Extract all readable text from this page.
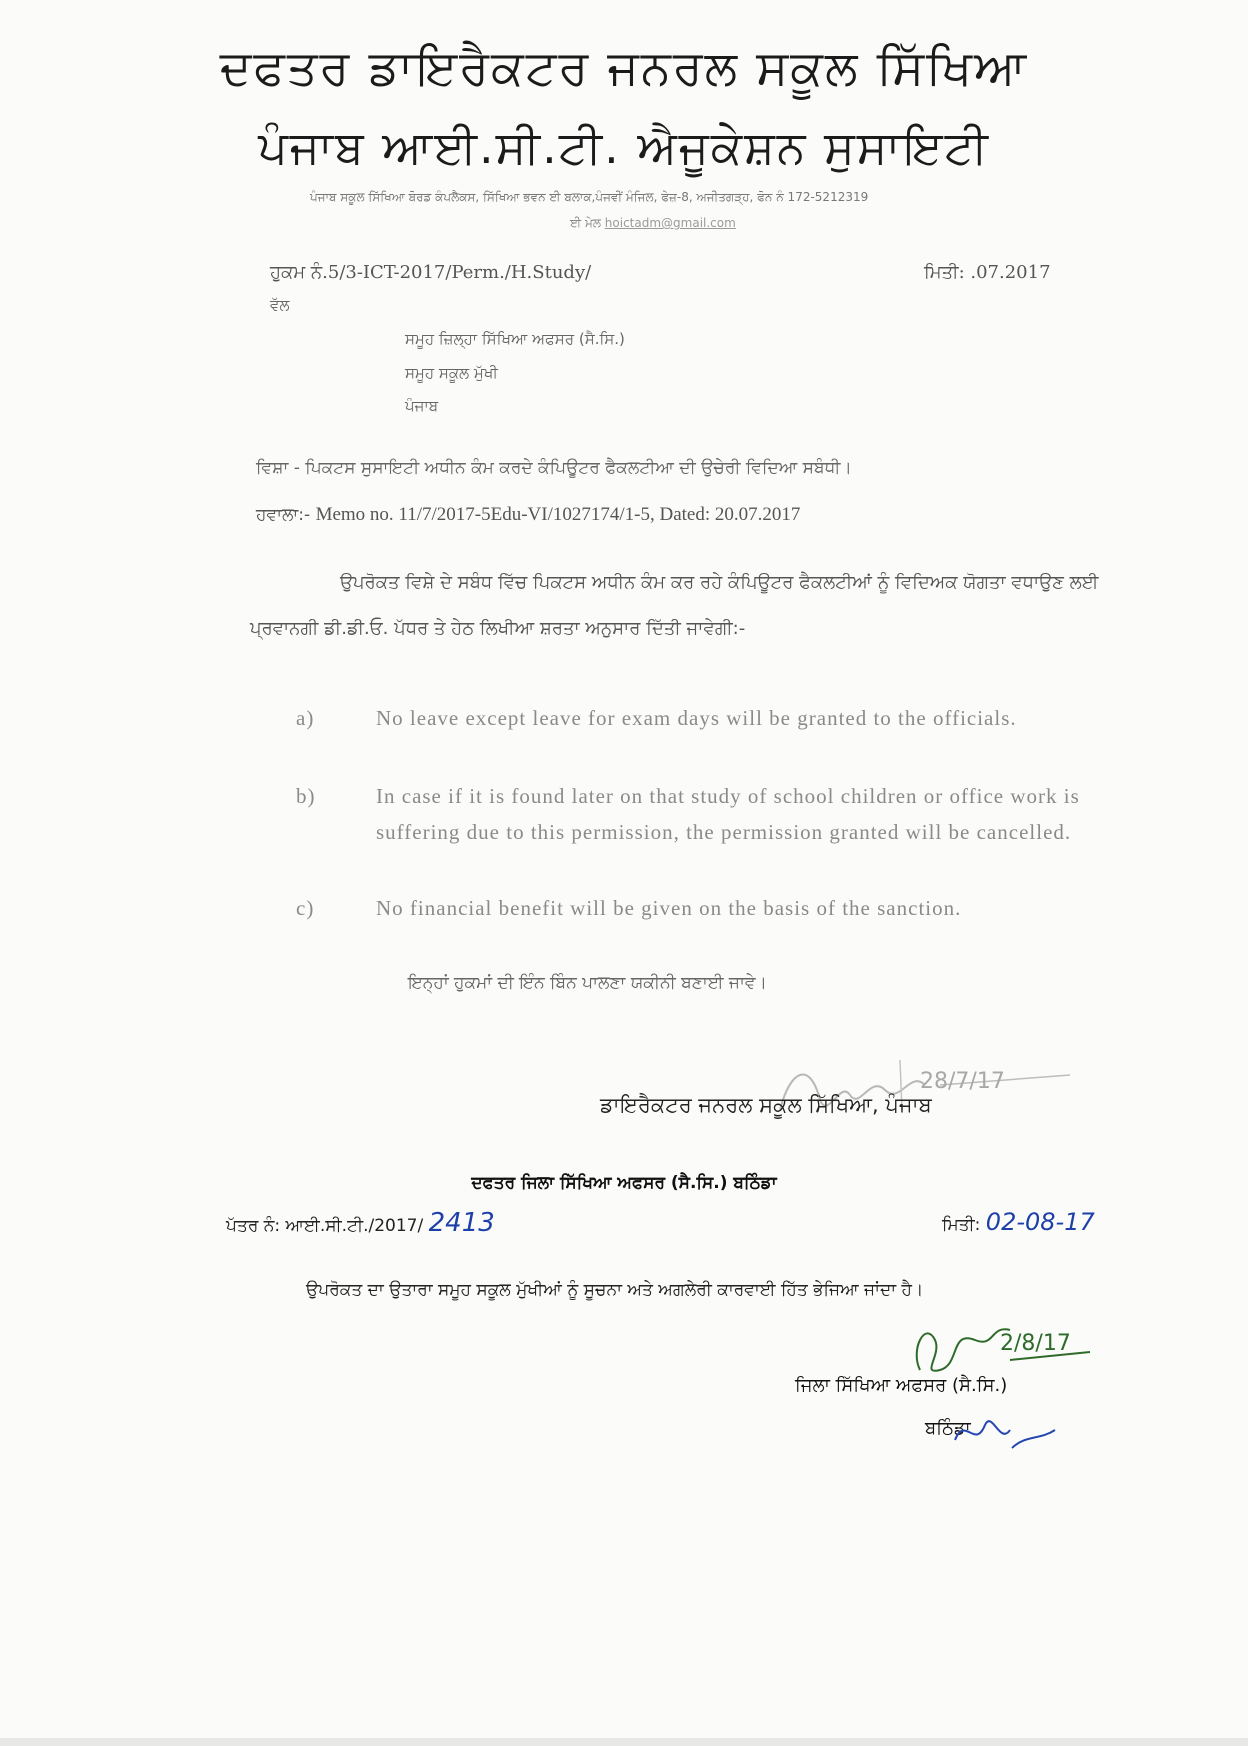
ਦਫਤਰ ਡਾਇਰੈਕਟਰ ਜਨਰਲ ਸਕੂਲ ਸਿੱਖਿਆ
ਪੰਜਾਬ ਆਈ.ਸੀ.ਟੀ. ਐਜੂਕੇਸ਼ਨ ਸੁਸਾਇਟੀ
ਪੰਜਾਬ ਸਕੂਲ ਸਿੱਖਿਆ ਬੋਰਡ ਕੰਪਲੈਕਸ, ਸਿੱਖਿਆ ਭਵਨ ਈ ਬਲਾਕ,ਪੰਜਵੀਂ ਮੰਜਿਲ, ਫੇਜ਼-8, ਅਜੀਤਗੜ੍ਹ, ਫੋਨ ਨੰ 172-5212319
ਈ ਮੇਲ hoictadm@gmail.com
ਹੁਕਮ ਨੰ.5/3-ICT-2017/Perm./H.Study/	ਮਿਤੀ: .07.2017
ਵੱਲ
ਸਮੂਹ ਜ਼ਿਲ੍ਹਾ ਸਿੱਖਿਆ ਅਫਸਰ (ਸੈ.ਸਿ.)
ਸਮੂਹ ਸਕੂਲ ਮੁੱਖੀ
ਪੰਜਾਬ
ਵਿਸ਼ਾ - ਪਿਕਟਸ ਸੁਸਾਇਟੀ ਅਧੀਨ ਕੰਮ ਕਰਦੇ ਕੰਪਿਊਟਰ ਫੈਕਲਟੀਆ ਦੀ ਉਚੇਰੀ ਵਿਦਿਆ ਸਬੰਧੀ।
ਹਵਾਲਾ:- Memo no. 11/7/2017-5Edu-VI/1027174/1-5, Dated: 20.07.2017
ਉਪਰੋਕਤ ਵਿਸ਼ੇ ਦੇ ਸਬੰਧ ਵਿੱਚ ਪਿਕਟਸ ਅਧੀਨ ਕੰਮ ਕਰ ਰਹੇ ਕੰਪਿਊਟਰ ਫੈਕਲਟੀਆਂ ਨੂੰ ਵਿਦਿਅਕ ਯੋਗਤਾ ਵਧਾਉਣ ਲਈ ਪ੍ਰਵਾਨਗੀ ਡੀ.ਡੀ.ਓ. ਪੱਧਰ ਤੇ ਹੇਠ ਲਿਖੀਆ ਸ਼ਰਤਾ ਅਨੁਸਾਰ ਦਿੱਤੀ ਜਾਵੇਗੀ:-
a)	No leave except leave for exam days will be granted to the officials.
b)	In case if it is found later on that study of school children or office work is suffering due to this permission, the permission granted will be cancelled.
c)	No financial benefit will be given on the basis of the sanction.
ਇਨ੍ਹਾਂ ਹੁਕਮਾਂ ਦੀ ਇੰਨ ਬਿੰਨ ਪਾਲਣਾ ਯਕੀਨੀ ਬਣਾਈ ਜਾਵੇ।
28/7/17
ਡਾਇਰੈਕਟਰ ਜਨਰਲ ਸਕੂਲ ਸਿੱਖਿਆ, ਪੰਜਾਬ
ਦਫਤਰ ਜਿਲਾ ਸਿੱਖਿਆ ਅਫਸਰ (ਸੈ.ਸਿ.) ਬਠਿੰਡਾ
ਪੱਤਰ ਨੰ: ਆਈ.ਸੀ.ਟੀ./2017/ 2413	ਮਿਤੀ: 02-08-17
ਉਪਰੋਕਤ ਦਾ ਉਤਾਰਾ ਸਮੂਹ ਸਕੂਲ ਮੁੱਖੀਆਂ ਨੂੰ ਸੂਚਨਾ ਅਤੇ ਅਗਲੇਰੀ ਕਾਰਵਾਈ ਹਿੱਤ ਭੇਜਿਆ ਜਾਂਦਾ ਹੈ।
2/8/17
ਜਿਲਾ ਸਿੱਖਿਆ ਅਫਸਰ (ਸੈ.ਸਿ.)
ਬਠਿੰਡਾ
